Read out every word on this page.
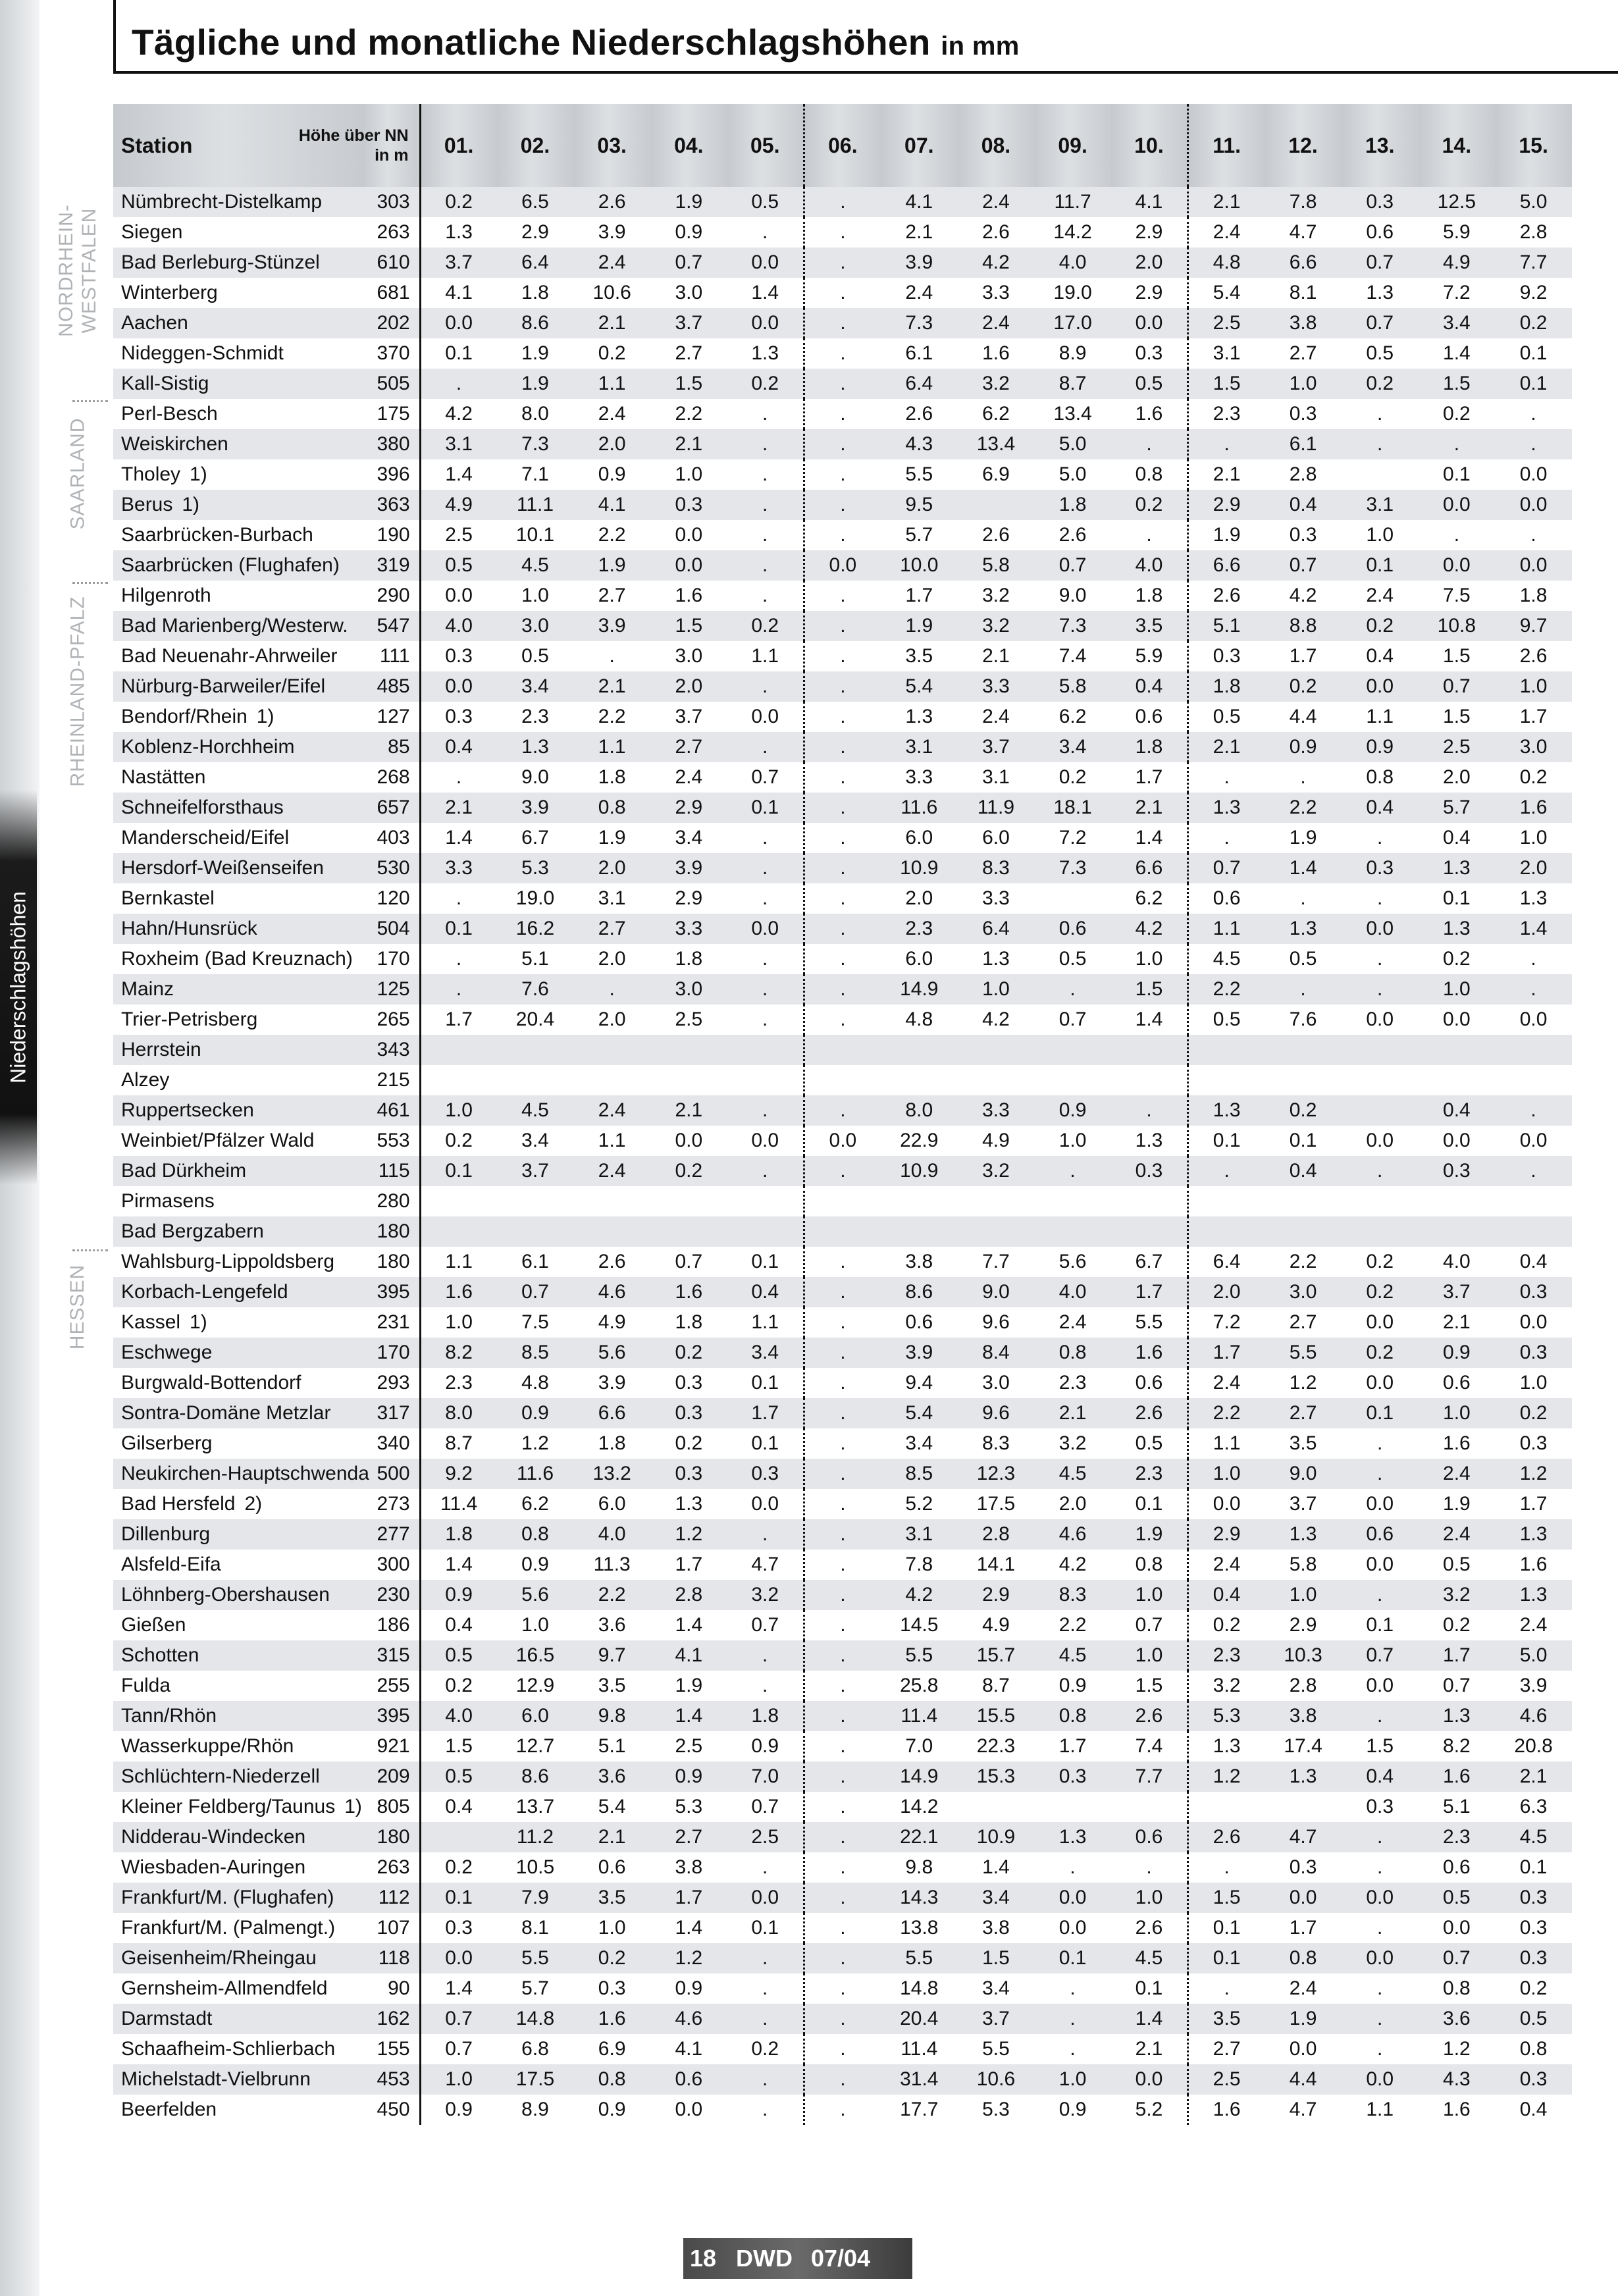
Niederschlagshöhen
NORDRHEIN-
WESTFALEN
SAARLAND
RHEINLAND-PFALZ
HESSEN
Tägliche und monatliche Niederschlagshöhen in mm
Station	Höhe über NN
in m	01.	02.	03.	04.	05.	06.	07.	08.	09.	10.	11.	12.	13.	14.	15.
Nümbrecht-Distelkamp	303	0.2	6.5	2.6	1.9	0.5	.	4.1	2.4	11.7	4.1	2.1	7.8	0.3	12.5	5.0
Siegen	263	1.3	2.9	3.9	0.9	.	.	2.1	2.6	14.2	2.9	2.4	4.7	0.6	5.9	2.8
Bad Berleburg-Stünzel	610	3.7	6.4	2.4	0.7	0.0	.	3.9	4.2	4.0	2.0	4.8	6.6	0.7	4.9	7.7
Winterberg	681	4.1	1.8	10.6	3.0	1.4	.	2.4	3.3	19.0	2.9	5.4	8.1	1.3	7.2	9.2
Aachen	202	0.0	8.6	2.1	3.7	0.0	.	7.3	2.4	17.0	0.0	2.5	3.8	0.7	3.4	0.2
Nideggen-Schmidt	370	0.1	1.9	0.2	2.7	1.3	.	6.1	1.6	8.9	0.3	3.1	2.7	0.5	1.4	0.1
Kall-Sistig	505	.	1.9	1.1	1.5	0.2	.	6.4	3.2	8.7	0.5	1.5	1.0	0.2	1.5	0.1
Perl-Besch	175	4.2	8.0	2.4	2.2	.	.	2.6	6.2	13.4	1.6	2.3	0.3	.	0.2	.
Weiskirchen	380	3.1	7.3	2.0	2.1	.	.	4.3	13.4	5.0	.	.	6.1	.	.	.
Tholey 1)	396	1.4	7.1	0.9	1.0	.	.	5.5	6.9	5.0	0.8	2.1	2.8		0.1	0.0
Berus 1)	363	4.9	11.1	4.1	0.3	.	.	9.5		1.8	0.2	2.9	0.4	3.1	0.0	0.0
Saarbrücken-Burbach	190	2.5	10.1	2.2	0.0	.	.	5.7	2.6	2.6	.	1.9	0.3	1.0	.	.
Saarbrücken (Flughafen)	319	0.5	4.5	1.9	0.0	.	0.0	10.0	5.8	0.7	4.0	6.6	0.7	0.1	0.0	0.0
Hilgenroth	290	0.0	1.0	2.7	1.6	.	.	1.7	3.2	9.0	1.8	2.6	4.2	2.4	7.5	1.8
Bad Marienberg/Westerw.	547	4.0	3.0	3.9	1.5	0.2	.	1.9	3.2	7.3	3.5	5.1	8.8	0.2	10.8	9.7
Bad Neuenahr-Ahrweiler	111	0.3	0.5	.	3.0	1.1	.	3.5	2.1	7.4	5.9	0.3	1.7	0.4	1.5	2.6
Nürburg-Barweiler/Eifel	485	0.0	3.4	2.1	2.0	.	.	5.4	3.3	5.8	0.4	1.8	0.2	0.0	0.7	1.0
Bendorf/Rhein 1)	127	0.3	2.3	2.2	3.7	0.0	.	1.3	2.4	6.2	0.6	0.5	4.4	1.1	1.5	1.7
Koblenz-Horchheim	85	0.4	1.3	1.1	2.7	.	.	3.1	3.7	3.4	1.8	2.1	0.9	0.9	2.5	3.0
Nastätten	268	.	9.0	1.8	2.4	0.7	.	3.3	3.1	0.2	1.7	.	.	0.8	2.0	0.2
Schneifelforsthaus	657	2.1	3.9	0.8	2.9	0.1	.	11.6	11.9	18.1	2.1	1.3	2.2	0.4	5.7	1.6
Manderscheid/Eifel	403	1.4	6.7	1.9	3.4	.	.	6.0	6.0	7.2	1.4	.	1.9	.	0.4	1.0
Hersdorf-Weißenseifen	530	3.3	5.3	2.0	3.9	.	.	10.9	8.3	7.3	6.6	0.7	1.4	0.3	1.3	2.0
Bernkastel	120	.	19.0	3.1	2.9	.	.	2.0	3.3		6.2	0.6	.	.	0.1	1.3
Hahn/Hunsrück	504	0.1	16.2	2.7	3.3	0.0	.	2.3	6.4	0.6	4.2	1.1	1.3	0.0	1.3	1.4
Roxheim (Bad Kreuznach)	170	.	5.1	2.0	1.8	.	.	6.0	1.3	0.5	1.0	4.5	0.5	.	0.2	.
Mainz	125	.	7.6	.	3.0	.	.	14.9	1.0	.	1.5	2.2	.	.	1.0	.
Trier-Petrisberg	265	1.7	20.4	2.0	2.5	.	.	4.8	4.2	0.7	1.4	0.5	7.6	0.0	0.0	0.0
Herrstein	343															
Alzey	215															
Ruppertsecken	461	1.0	4.5	2.4	2.1	.	.	8.0	3.3	0.9	.	1.3	0.2		0.4	.
Weinbiet/Pfälzer Wald	553	0.2	3.4	1.1	0.0	0.0	0.0	22.9	4.9	1.0	1.3	0.1	0.1	0.0	0.0	0.0
Bad Dürkheim	115	0.1	3.7	2.4	0.2	.	.	10.9	3.2	.	0.3	.	0.4	.	0.3	.
Pirmasens	280															
Bad Bergzabern	180															
Wahlsburg-Lippoldsberg	180	1.1	6.1	2.6	0.7	0.1	.	3.8	7.7	5.6	6.7	6.4	2.2	0.2	4.0	0.4
Korbach-Lengefeld	395	1.6	0.7	4.6	1.6	0.4	.	8.6	9.0	4.0	1.7	2.0	3.0	0.2	3.7	0.3
Kassel 1)	231	1.0	7.5	4.9	1.8	1.1	.	0.6	9.6	2.4	5.5	7.2	2.7	0.0	2.1	0.0
Eschwege	170	8.2	8.5	5.6	0.2	3.4	.	3.9	8.4	0.8	1.6	1.7	5.5	0.2	0.9	0.3
Burgwald-Bottendorf	293	2.3	4.8	3.9	0.3	0.1	.	9.4	3.0	2.3	0.6	2.4	1.2	0.0	0.6	1.0
Sontra-Domäne Metzlar	317	8.0	0.9	6.6	0.3	1.7	.	5.4	9.6	2.1	2.6	2.2	2.7	0.1	1.0	0.2
Gilserberg	340	8.7	1.2	1.8	0.2	0.1	.	3.4	8.3	3.2	0.5	1.1	3.5	.	1.6	0.3
Neukirchen-Hauptschwenda	500	9.2	11.6	13.2	0.3	0.3	.	8.5	12.3	4.5	2.3	1.0	9.0	.	2.4	1.2
Bad Hersfeld 2)	273	11.4	6.2	6.0	1.3	0.0	.	5.2	17.5	2.0	0.1	0.0	3.7	0.0	1.9	1.7
Dillenburg	277	1.8	0.8	4.0	1.2	.	.	3.1	2.8	4.6	1.9	2.9	1.3	0.6	2.4	1.3
Alsfeld-Eifa	300	1.4	0.9	11.3	1.7	4.7	.	7.8	14.1	4.2	0.8	2.4	5.8	0.0	0.5	1.6
Löhnberg-Obershausen	230	0.9	5.6	2.2	2.8	3.2	.	4.2	2.9	8.3	1.0	0.4	1.0	.	3.2	1.3
Gießen	186	0.4	1.0	3.6	1.4	0.7	.	14.5	4.9	2.2	0.7	0.2	2.9	0.1	0.2	2.4
Schotten	315	0.5	16.5	9.7	4.1	.	.	5.5	15.7	4.5	1.0	2.3	10.3	0.7	1.7	5.0
Fulda	255	0.2	12.9	3.5	1.9	.	.	25.8	8.7	0.9	1.5	3.2	2.8	0.0	0.7	3.9
Tann/Rhön	395	4.0	6.0	9.8	1.4	1.8	.	11.4	15.5	0.8	2.6	5.3	3.8	.	1.3	4.6
Wasserkuppe/Rhön	921	1.5	12.7	5.1	2.5	0.9	.	7.0	22.3	1.7	7.4	1.3	17.4	1.5	8.2	20.8
Schlüchtern-Niederzell	209	0.5	8.6	3.6	0.9	7.0	.	14.9	15.3	0.3	7.7	1.2	1.3	0.4	1.6	2.1
Kleiner Feldberg/Taunus 1)	805	0.4	13.7	5.4	5.3	0.7	.	14.2						0.3	5.1	6.3
Nidderau-Windecken	180		11.2	2.1	2.7	2.5	.	22.1	10.9	1.3	0.6	2.6	4.7	.	2.3	4.5
Wiesbaden-Auringen	263	0.2	10.5	0.6	3.8	.	.	9.8	1.4	.	.	.	0.3	.	0.6	0.1
Frankfurt/M. (Flughafen)	112	0.1	7.9	3.5	1.7	0.0	.	14.3	3.4	0.0	1.0	1.5	0.0	0.0	0.5	0.3
Frankfurt/M. (Palmengt.)	107	0.3	8.1	1.0	1.4	0.1	.	13.8	3.8	0.0	2.6	0.1	1.7	.	0.0	0.3
Geisenheim/Rheingau	118	0.0	5.5	0.2	1.2	.	.	5.5	1.5	0.1	4.5	0.1	0.8	0.0	0.7	0.3
Gernsheim-Allmendfeld	90	1.4	5.7	0.3	0.9	.	.	14.8	3.4	.	0.1	.	2.4	.	0.8	0.2
Darmstadt	162	0.7	14.8	1.6	4.6	.	.	20.4	3.7	.	1.4	3.5	1.9	.	3.6	0.5
Schaafheim-Schlierbach	155	0.7	6.8	6.9	4.1	0.2	.	11.4	5.5	.	2.1	2.7	0.0	.	1.2	0.8
Michelstadt-Vielbrunn	453	1.0	17.5	0.8	0.6	.	.	31.4	10.6	1.0	0.0	2.5	4.4	0.0	4.3	0.3
Beerfelden	450	0.9	8.9	0.9	0.0	.	.	17.7	5.3	0.9	5.2	1.6	4.7	1.1	1.6	0.4
18 DWD 07/04
